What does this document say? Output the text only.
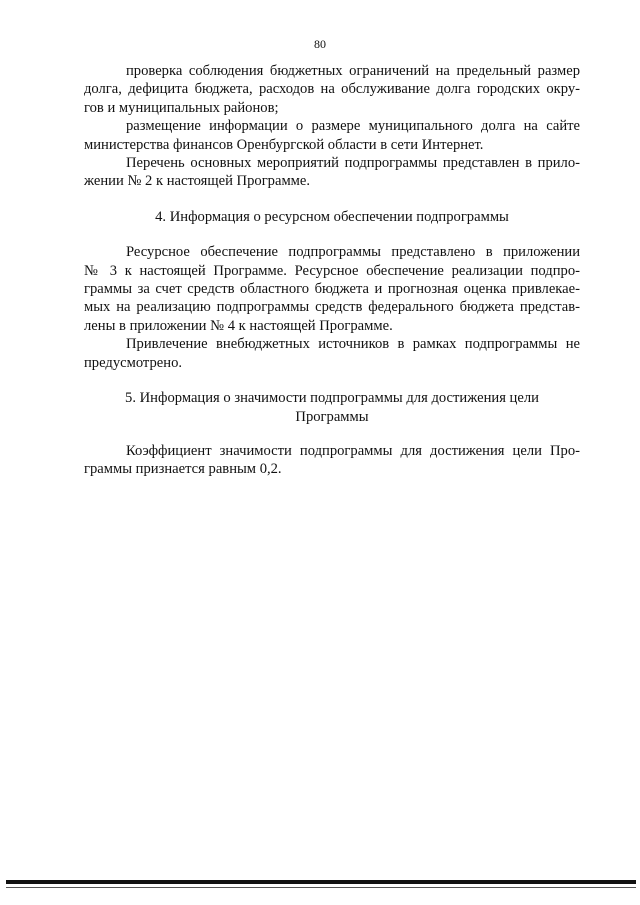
80

проверка соблюдения бюджетных ограничений на предельный размер
долга, дефицита бюджета, расходов на обслуживание долга городских окру-
гов и муниципальных районов;

размещение информации о размере муниципального долга на сайте
министерства финансов Оренбургской области в сети Интернет.

Перечень основных мероприятий подпрограммы представлен в прило-
жении № 2 к настоящей Программе.

4. Информация о ресурсном обеспечении подпрограммы

Ресурсное обеспечение подпрограммы представлено в приложении
№ 3 к настоящей Программе. Ресурсное обеспечение реализации подпро-
граммы за счет средств областного бюджета и прогнозная оценка привлекае-
мых на реализацию подпрограммы средств федерального бюджета представ-
лены в приложении № 4 к настоящей Программе.

Привлечение внебюджетных источников в рамках подпрограммы не
предусмотрено.

5. Информация о значимости подпрограммы для достижения цели
Программы

Коэффициент значимости подпрограммы для достижения цели Про-
граммы признается равным 0,2.
